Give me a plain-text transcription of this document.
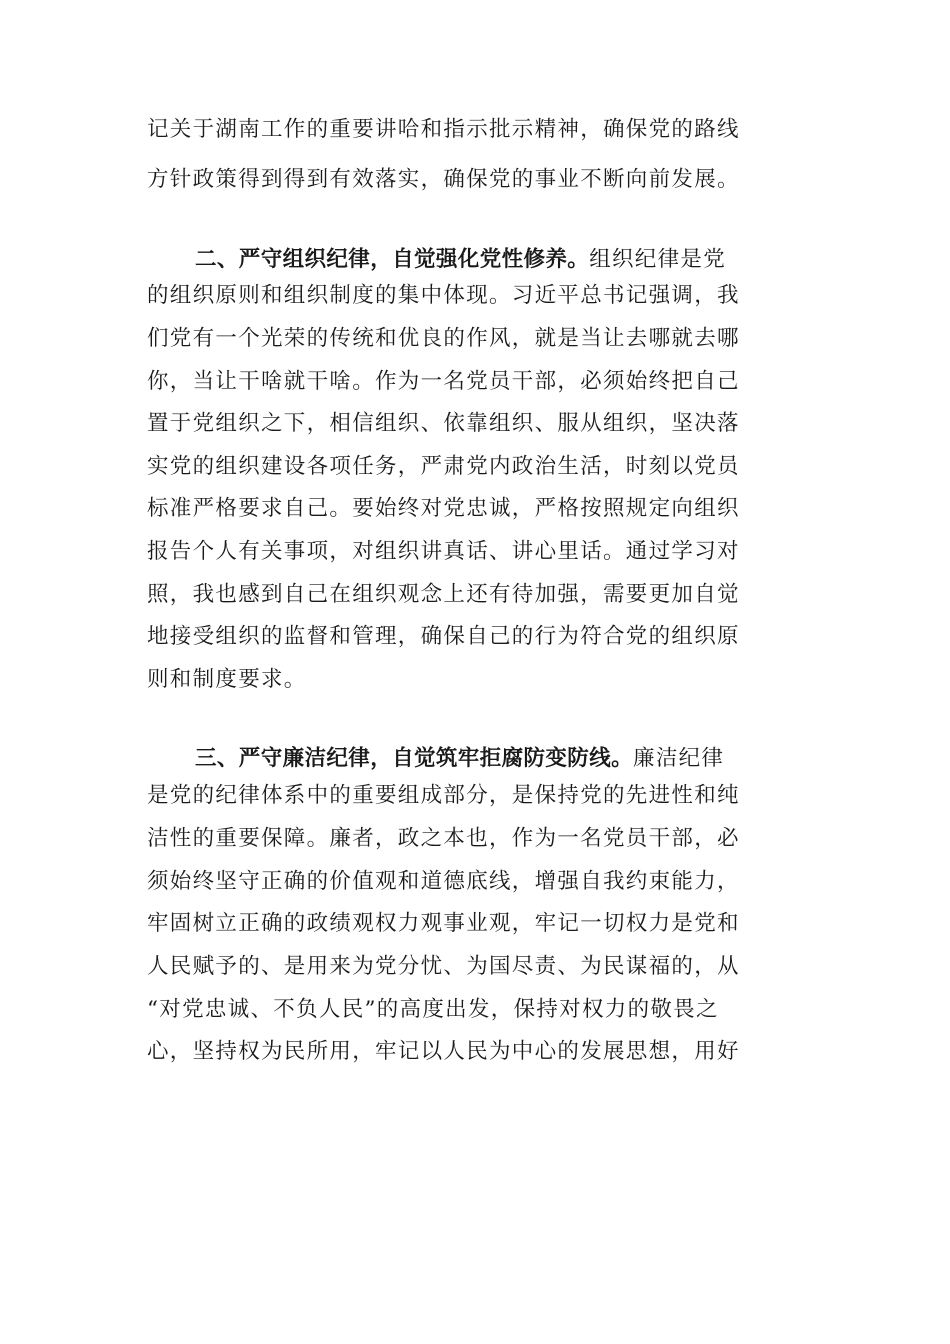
记关于湖南工作的重要讲哈和指示批示精神，确保党的路线
方针政策得到得到有效落实，确保党的事业不断向前发展。
二、严守组织纪律，自觉强化党性修养。组织纪律是党
的组织原则和组织制度的集中体现。习近平总书记强调，我
们党有一个光荣的传统和优良的作风，就是当让去哪就去哪
你，当让干啥就干啥。作为一名党员干部，必须始终把自己
置于党组织之下，相信组织、依靠组织、服从组织，坚决落
实党的组织建设各项任务，严肃党内政治生活，时刻以党员
标准严格要求自己。要始终对党忠诚，严格按照规定向组织
报告个人有关事项，对组织讲真话、讲心里话。通过学习对
照，我也感到自己在组织观念上还有待加强，需要更加自觉
地接受组织的监督和管理，确保自己的行为符合党的组织原
则和制度要求。
三、严守廉洁纪律，自觉筑牢拒腐防变防线。廉洁纪律
是党的纪律体系中的重要组成部分，是保持党的先进性和纯
洁性的重要保障。廉者，政之本也，作为一名党员干部，必
须始终坚守正确的价值观和道德底线，增强自我约束能力，
牢固树立正确的政绩观权力观事业观，牢记一切权力是党和
人民赋予的、是用来为党分忧、为国尽责、为民谋福的，从
“对党忠诚、不负人民”的高度出发，保持对权力的敬畏之
心，坚持权为民所用，牢记以人民为中心的发展思想，用好
